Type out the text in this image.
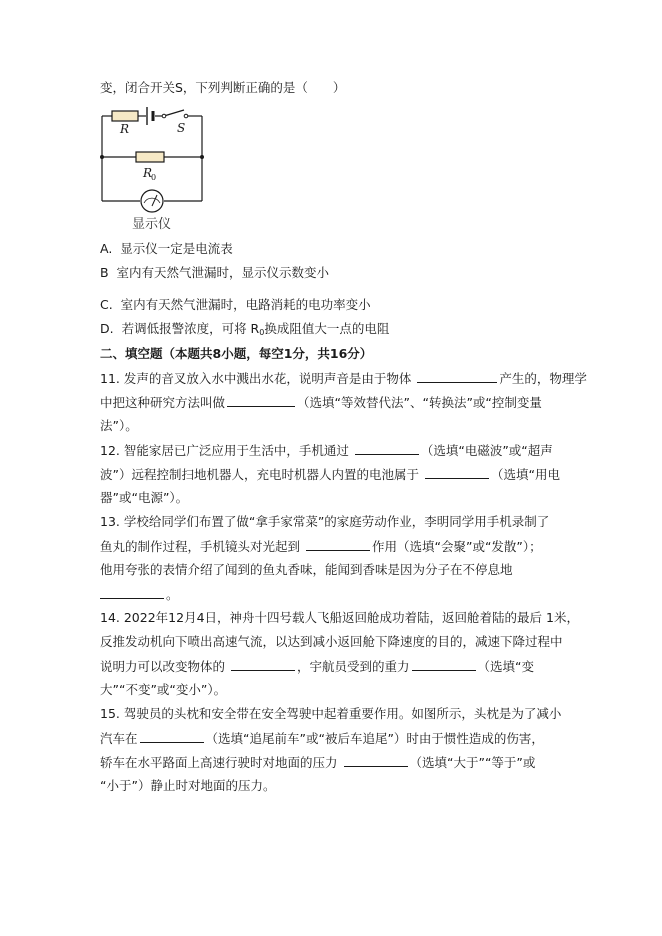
变，闭合开关S，下列判断正确的是（　　）
R	S
R
0
显示仪
A. 显示仪一定是电流表
B 室内有天然气泄漏时，显示仪示数变小
C. 室内有天然气泄漏时，电路消耗的电功率变小
D. 若调低报警浓度，可将 $R_0$换成阻值大一点的电阻
二、填空题（本题共8小题，每空1分，共16分）
11. 发声的音叉放入水中溅出水花，说明声音是由于物体	产生的，物理学
中把这种研究方法叫做	（选填“等效替代法”、“转换法”或“控制变量
法”）。
12. 智能家居已广泛应用于生活中，手机通过	（选填“电磁波”或“超声
波”）远程控制扫地机器人，充电时机器人内置的电池属于	（选填“用电
器”或“电源”）。
13. 学校给同学们布置了做“拿手家常菜”的家庭劳动作业，李明同学用手机录制了
鱼丸的制作过程，手机镜头对光起到	作用（选填“会聚”或“发散”）；
他用夸张的表情介绍了闻到的鱼丸香味，能闻到香味是因为分子在不停息地
。
14. 2022年12月4日，神舟十四号载人飞船返回舱成功着陆，返回舱着陆的最后 1米，
反推发动机向下喷出高速气流，以达到减小返回舱下降速度的目的，减速下降过程中
说明力可以改变物体的	，宇航员受到的重力	（选填“变
大”“不变”或“变小”）。
15. 驾驶员的头枕和安全带在安全驾驶中起着重要作用。如图所示，头枕是为了减小
汽车在	（选填“追尾前车”或“被后车追尾”）时由于惯性造成的伤害，
轿车在水平路面上高速行驶时对地面的压力	（选填“大于”“等于”或
“小于”）静止时对地面的压力。
